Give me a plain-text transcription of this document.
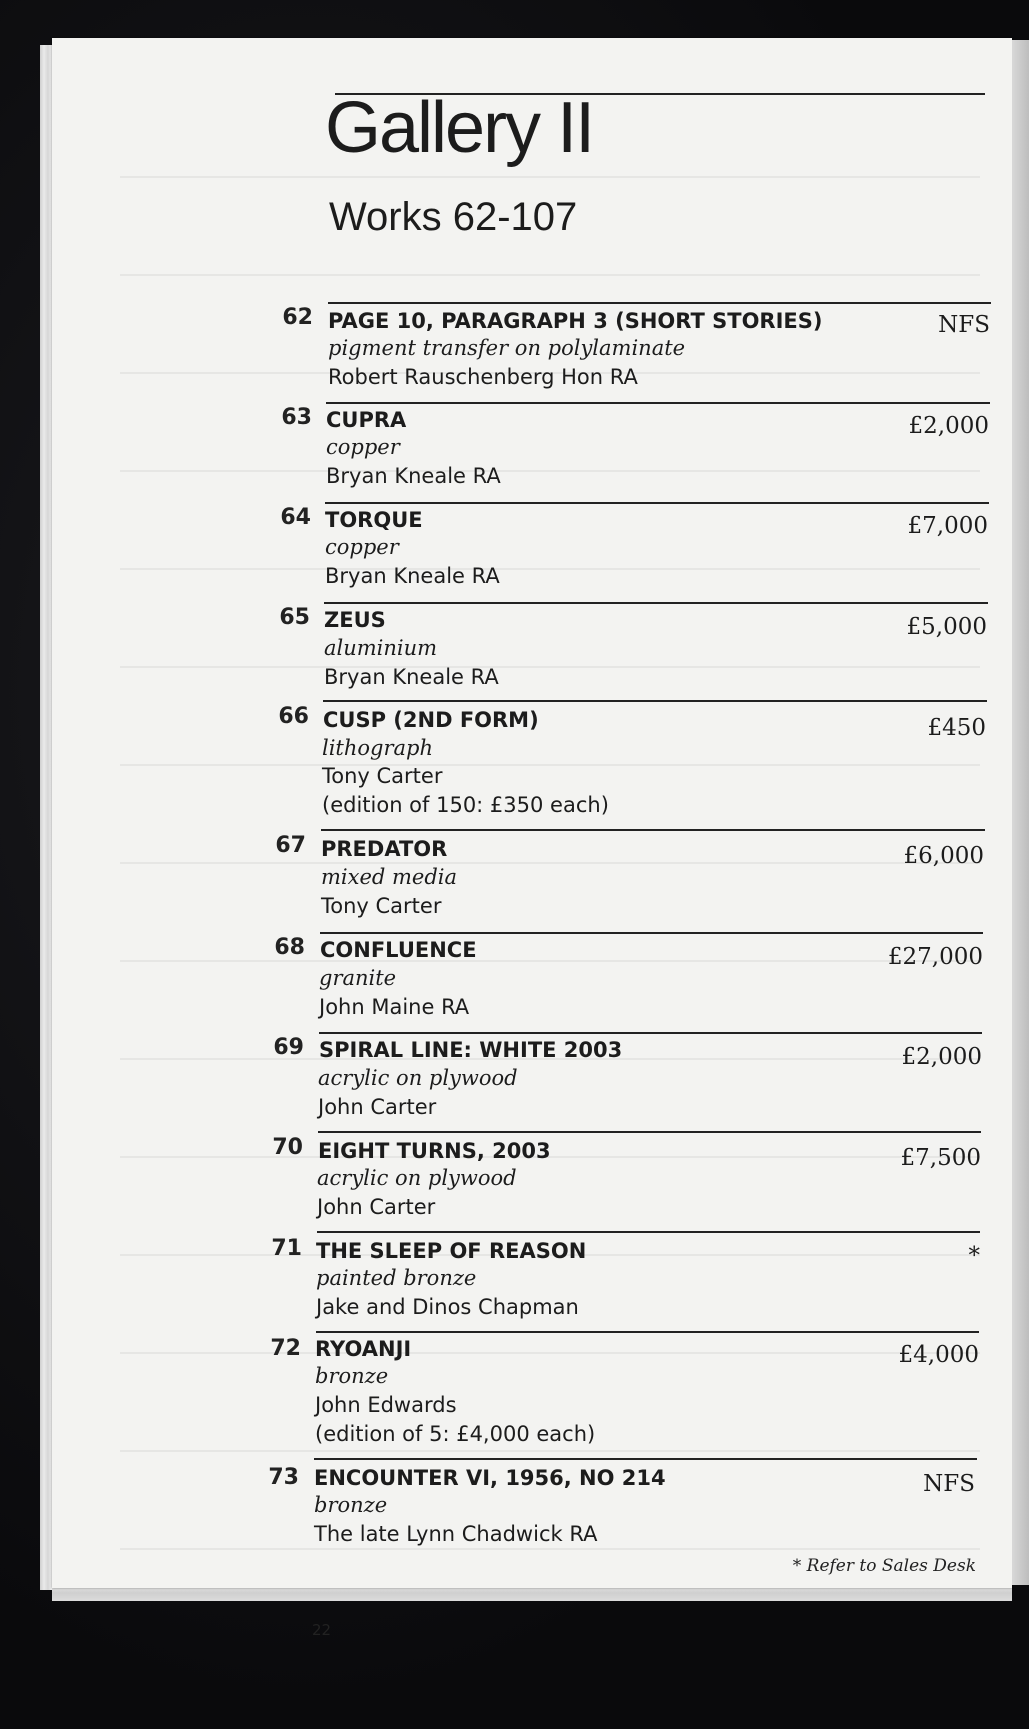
Gallery II
Works 62-107
62 PAGE 10, PARAGRAPH 3 (SHORT STORIES)
pigment transfer on polylaminate
Robert Rauschenberg Hon RA
NFS
63 CUPRA
copper
Bryan Kneale RA
£2,000
64 TORQUE
copper
Bryan Kneale RA
£7,000
65 ZEUS
aluminium
Bryan Kneale RA
£5,000
66 CUSP (2ND FORM)
lithograph
Tony Carter
(edition of 150: £350 each)
£450
67 PREDATOR
mixed media
Tony Carter
£6,000
68 CONFLUENCE
granite
John Maine RA
£27,000
69 SPIRAL LINE: WHITE 2003
acrylic on plywood
John Carter
£2,000
70 EIGHT TURNS, 2003
acrylic on plywood
John Carter
£7,500
71 THE SLEEP OF REASON
painted bronze
Jake and Dinos Chapman
*
72 RYOANJI
bronze
John Edwards
(edition of 5: £4,000 each)
£4,000
73 ENCOUNTER VI, 1956, NO 214
bronze
The late Lynn Chadwick RA
NFS
* Refer to Sales Desk
22
